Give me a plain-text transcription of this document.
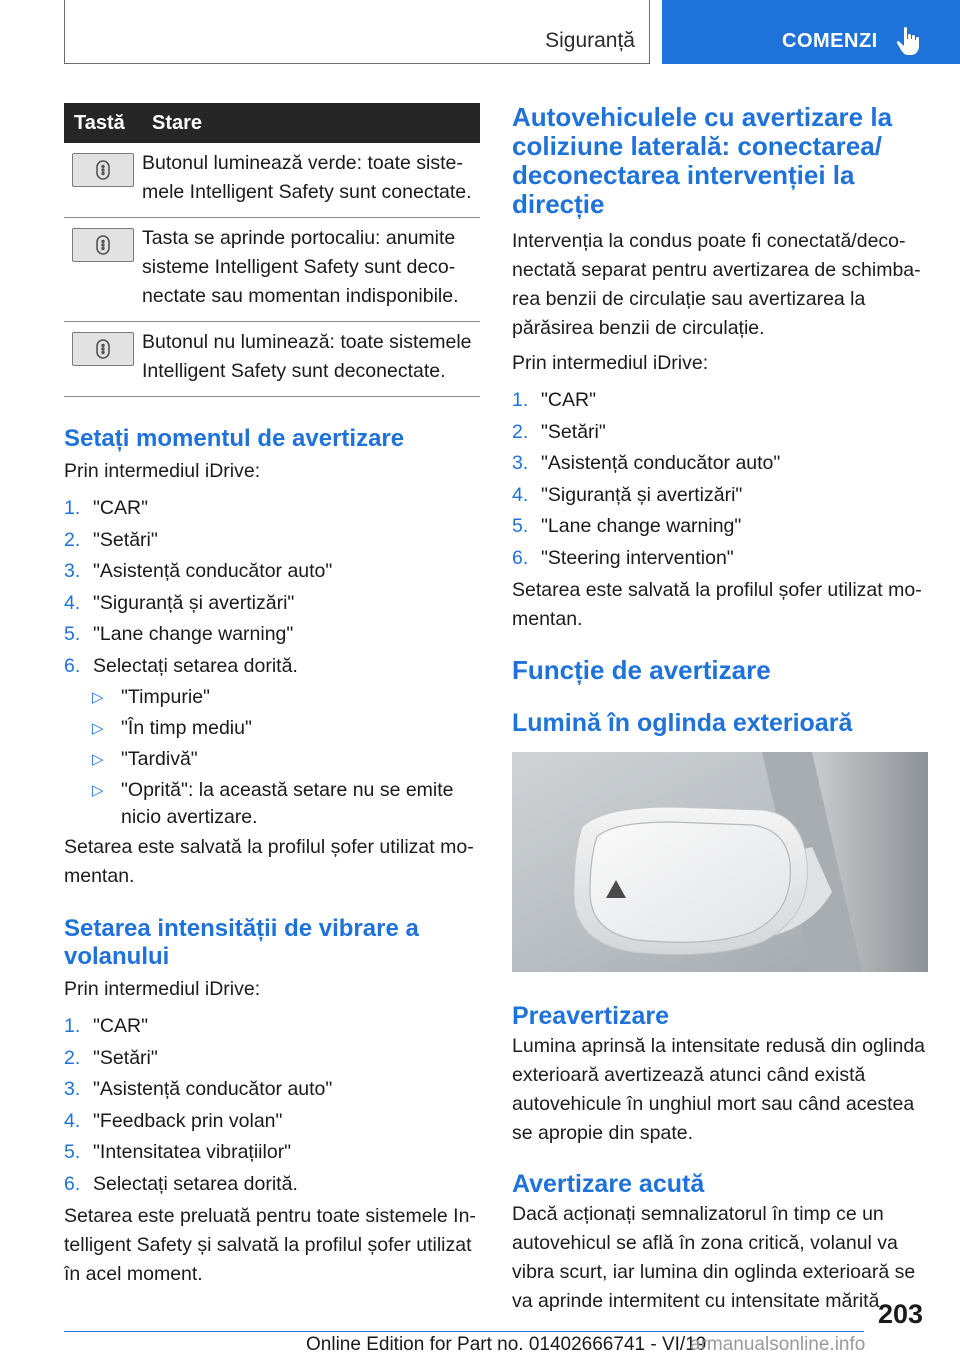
Siguranță	COMENZI
Tastă	Stare

	Butonul luminează verde: toate sistemele Intelligent Safety sunt conectate.

	Tasta se aprinde portocaliu: anumite sisteme Intelligent Safety sunt deconectate sau momentan indisponibile.

	Butonul nu luminează: toate sistemele Intelligent Safety sunt deconectate.
Setați momentul de avertizare

Prin intermediul iDrive:

1. "CAR"
2. "Setări"
3. "Asistență conducător auto"
4. "Siguranță și avertizări"
5. "Lane change warning"
6. Selectați setarea dorită.
▷ "Timpurie"
▷ "În timp mediu"
▷ "Tardivă"
▷ "Oprită": la această setare nu se emite nicio avertizare.

Setarea este salvată la profilul șofer utilizat momentan.

Setarea intensității de vibrare a volanului

Prin intermediul iDrive:

1. "CAR"
2. "Setări"
3. "Asistență conducător auto"
4. "Feedback prin volan"
5. "Intensitatea vibrațiilor"
6. Selectați setarea dorită.

Setarea este preluată pentru toate sistemele Intelligent Safety și salvată la profilul șofer utilizat în acel moment.

Autovehiculele cu avertizare la coliziune laterală: conectarea/ deconectarea intervenției la direcție

Intervenția la condus poate fi conectată/deconectată separat pentru avertizarea de schimbarea benzii de circulație sau avertizarea la părăsirea benzii de circulație.

Prin intermediul iDrive:

1. "CAR"
2. "Setări"
3. "Asistență conducător auto"
4. "Siguranță și avertizări"
5. "Lane change warning"
6. "Steering intervention"

Setarea este salvată la profilul șofer utilizat momentan.

Funcție de avertizare
Lumină în oglinda exterioară
Preavertizare

Lumina aprinsă la intensitate redusă din oglinda exterioară avertizează atunci când există autovehicule în unghiul mort sau când acestea se apropie din spate.

Avertizare acută

Dacă acționați semnalizatorul în timp ce un autovehicul se află în zona critică, volanul va vibra scurt, iar lumina din oglinda exterioară se va aprinde intermitent cu intensitate mărită.

203
Online Edition for Part no. 01402666741 - VI/19
armanualsonline.info
